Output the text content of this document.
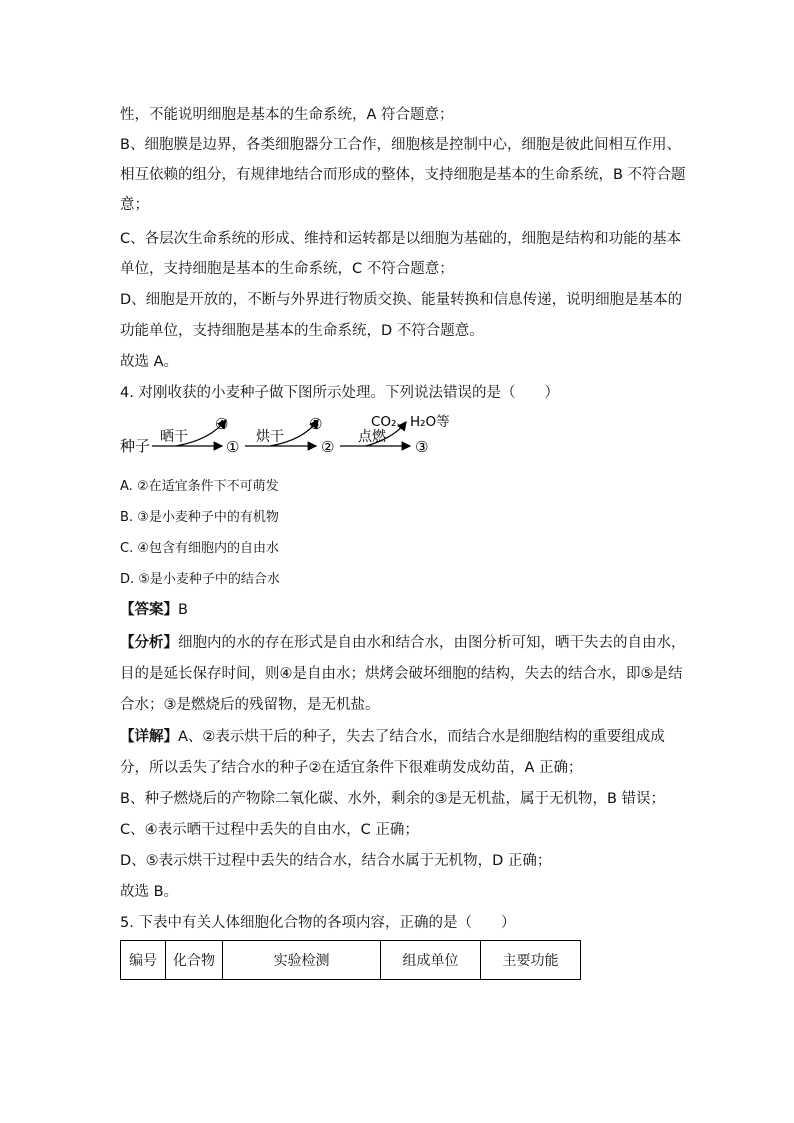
性，不能说明细胞是基本的生命系统，A 符合题意；
B、细胞膜是边界，各类细胞器分工合作，细胞核是控制中心，细胞是彼此间相互作用、
相互依赖的组分，有规律地结合而形成的整体，支持细胞是基本的生命系统，B 不符合题
意；
C、各层次生命系统的形成、维持和运转都是以细胞为基础的，细胞是结构和功能的基本
单位，支持细胞是基本的生命系统，C 不符合题意；
D、细胞是开放的，不断与外界进行物质交换、能量转换和信息传递，说明细胞是基本的
功能单位，支持细胞是基本的生命系统，D 不符合题意。
故选 A。
4. 对刚收获的小麦种子做下图所示处理。下列说法错误的是（　　）
种子 晒干
④
①
烘干
⑤
②
点燃
CO₂、H₂O等
③
A. ②在适宜条件下不可萌发
B. ③是小麦种子中的有机物
C. ④包含有细胞内的自由水
D. ⑤是小麦种子中的结合水
【答案】B
【分析】细胞内的水的存在形式是自由水和结合水，由图分析可知，晒干失去的自由水，
目的是延长保存时间，则④是自由水；烘烤会破坏细胞的结构，失去的结合水，即⑤是结
合水；③是燃烧后的残留物，是无机盐。
【详解】A、②表示烘干后的种子，失去了结合水，而结合水是细胞结构的重要组成成
分，所以丢失了结合水的种子②在适宜条件下很难萌发成幼苗，A 正确；
B、种子燃烧后的产物除二氧化碳、水外，剩余的③是无机盐，属于无机物，B 错误；
C、④表示晒干过程中丢失的自由水，C 正确；
D、⑤表示烘干过程中丢失的结合水，结合水属于无机物，D 正确；
故选 B。
5. 下表中有关人体细胞化合物的各项内容，正确的是（　　）
编号	化合物	实验检测	组成单位	主要功能
